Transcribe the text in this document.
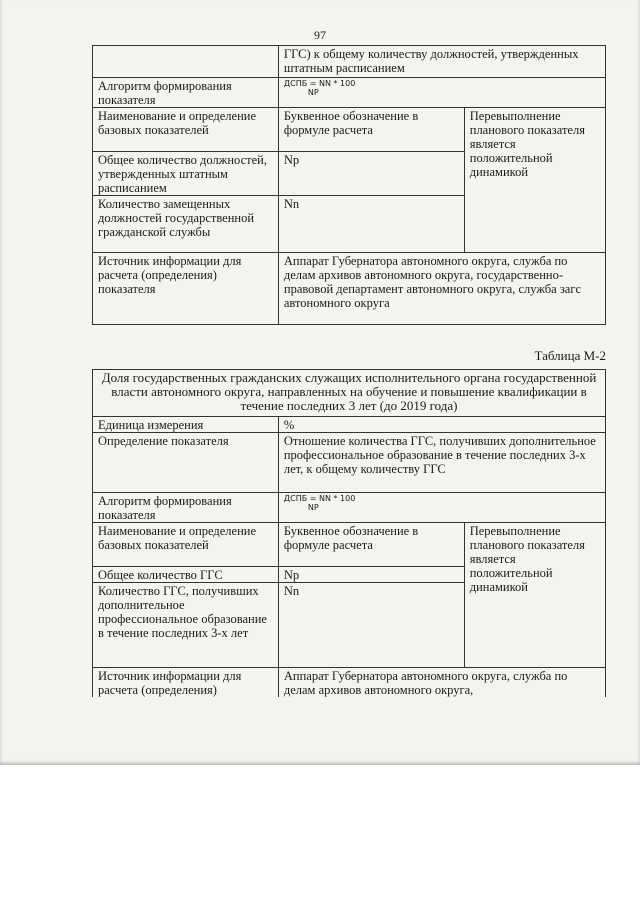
97
	ГГС) к общему количеству должностей, утвержденных штатным расписанием	
Алгоритм формирования показателя	ДСПБ = NN * 100
NP	

Наименование и определение базовых показателей	Буквенное обозначение в формуле расчета	Перевыполнение планового показателя является положительной динамикой
Общее количество должностей, утвержденных штатным расписанием	Np	
Количество замещенных должностей государственной гражданской службы	Nn	
Источник информации для расчета (определения) показателя	Аппарат Губернатора автономного округа, служба по делам архивов автономного округа, государственно-правовой департамент автономного округа, служба загс автономного округа	
Таблица М-2
Доля государственных гражданских служащих исполнительного органа государственной власти автономного округа, направленных на обучение и повышение квалификации в течение последних 3 лет (до 2019 года)		
Единица измерения	%	
Определение показателя	Отношение количества ГГС, получивших дополнительное профессиональное образование в течение последних 3-х лет, к общему количеству ГГС	
Алгоритм формирования показателя	ДСПБ = NN * 100
NP	

Наименование и определение базовых показателей	Буквенное обозначение в формуле расчета	Перевыполнение планового показателя является положительной динамикой
Общее количество ГГС	Np	
Количество ГГС, получивших дополнительное профессиональное образование в течение последних 3-х лет	Nn	
Источник информации для расчета (определения)	Аппарат Губернатора автономного округа, служба по делам архивов автономного округа,	
